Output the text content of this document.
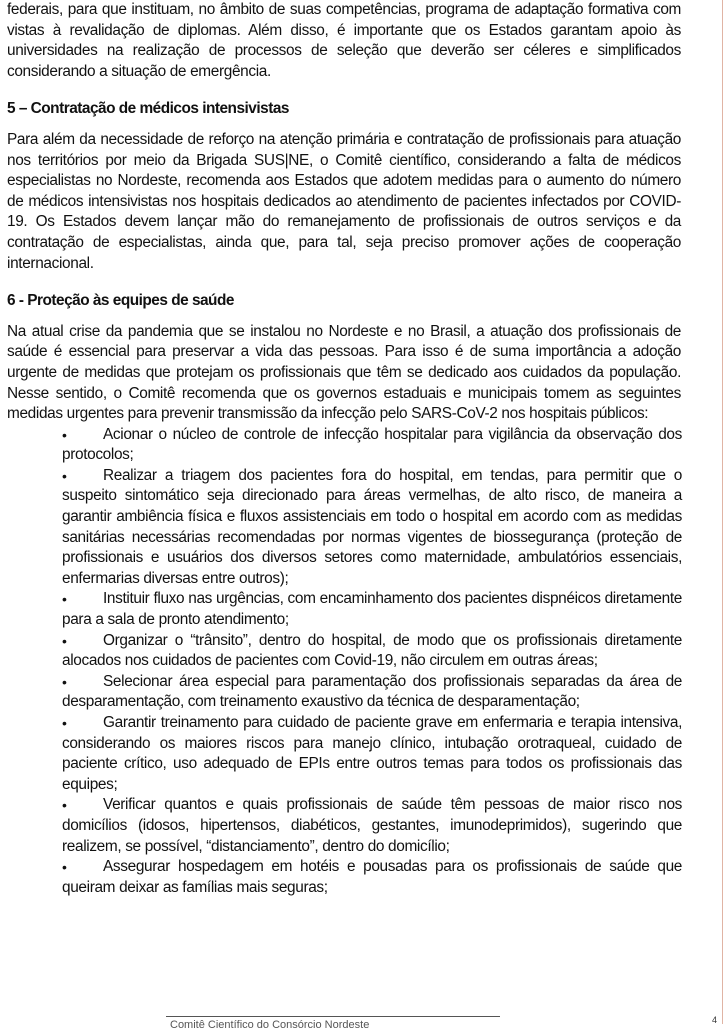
federais, para que instituam, no âmbito de suas competências, programa de adaptação formativa com vistas à revalidação de diplomas. Além disso, é importante que os Estados garantam apoio às universidades na realização de processos de seleção que deverão ser céleres e simplificados considerando a situação de emergência.

5 – Contratação de médicos intensivistas

Para além da necessidade de reforço na atenção primária e contratação de profissionais para atuação nos territórios por meio da Brigada SUS|NE, o Comitê científico, considerando a falta de médicos especialistas no Nordeste, recomenda aos Estados que adotem medidas para o aumento do número de médicos intensivistas nos hospitais dedicados ao atendimento de pacientes infectados por COVID-19. Os Estados devem lançar mão do remanejamento de profissionais de outros serviços e da contratação de especialistas, ainda que, para tal, seja preciso promover ações de cooperação internacional.

6 - Proteção às equipes de saúde

Na atual crise da pandemia que se instalou no Nordeste e no Brasil, a atuação dos profissionais de saúde é essencial para preservar a vida das pessoas. Para isso é de suma importância a adoção urgente de medidas que protejam os profissionais que têm se dedicado aos cuidados da população. Nesse sentido, o Comitê recomenda que os governos estaduais e municipais tomem as seguintes medidas urgentes para prevenir transmissão da infecção pelo SARS-CoV-2 nos hospitais públicos:

• Acionar o núcleo de controle de infecção hospitalar para vigilância da observação dos protocolos;
• Realizar a triagem dos pacientes fora do hospital, em tendas, para permitir que o suspeito sintomático seja direcionado para áreas vermelhas, de alto risco, de maneira a garantir ambiência física e fluxos assistenciais em todo o hospital em acordo com as medidas sanitárias necessárias recomendadas por normas vigentes de biossegurança (proteção de profissionais e usuários dos diversos setores como maternidade, ambulatórios essenciais, enfermarias diversas entre outros);
• Instituir fluxo nas urgências, com encaminhamento dos pacientes dispnéicos diretamente para a sala de pronto atendimento;
• Organizar o “trânsito”, dentro do hospital, de modo que os profissionais diretamente alocados nos cuidados de pacientes com Covid-19, não circulem em outras áreas;
• Selecionar área especial para paramentação dos profissionais separadas da área de desparamentação, com treinamento exaustivo da técnica de desparamentação;
• Garantir treinamento para cuidado de paciente grave em enfermaria e terapia intensiva, considerando os maiores riscos para manejo clínico, intubação orotraqueal, cuidado de paciente crítico, uso adequado de EPIs entre outros temas para todos os profissionais das equipes;
• Verificar quantos e quais profissionais de saúde têm pessoas de maior risco nos domicílios (idosos, hipertensos, diabéticos, gestantes, imunodeprimidos), sugerindo que realizem, se possível, “distanciamento”, dentro do domicílio;
• Assegurar hospedagem em hotéis e pousadas para os profissionais de saúde que queiram deixar as famílias mais seguras;
Comitê Científico do Consórcio Nordeste	4
